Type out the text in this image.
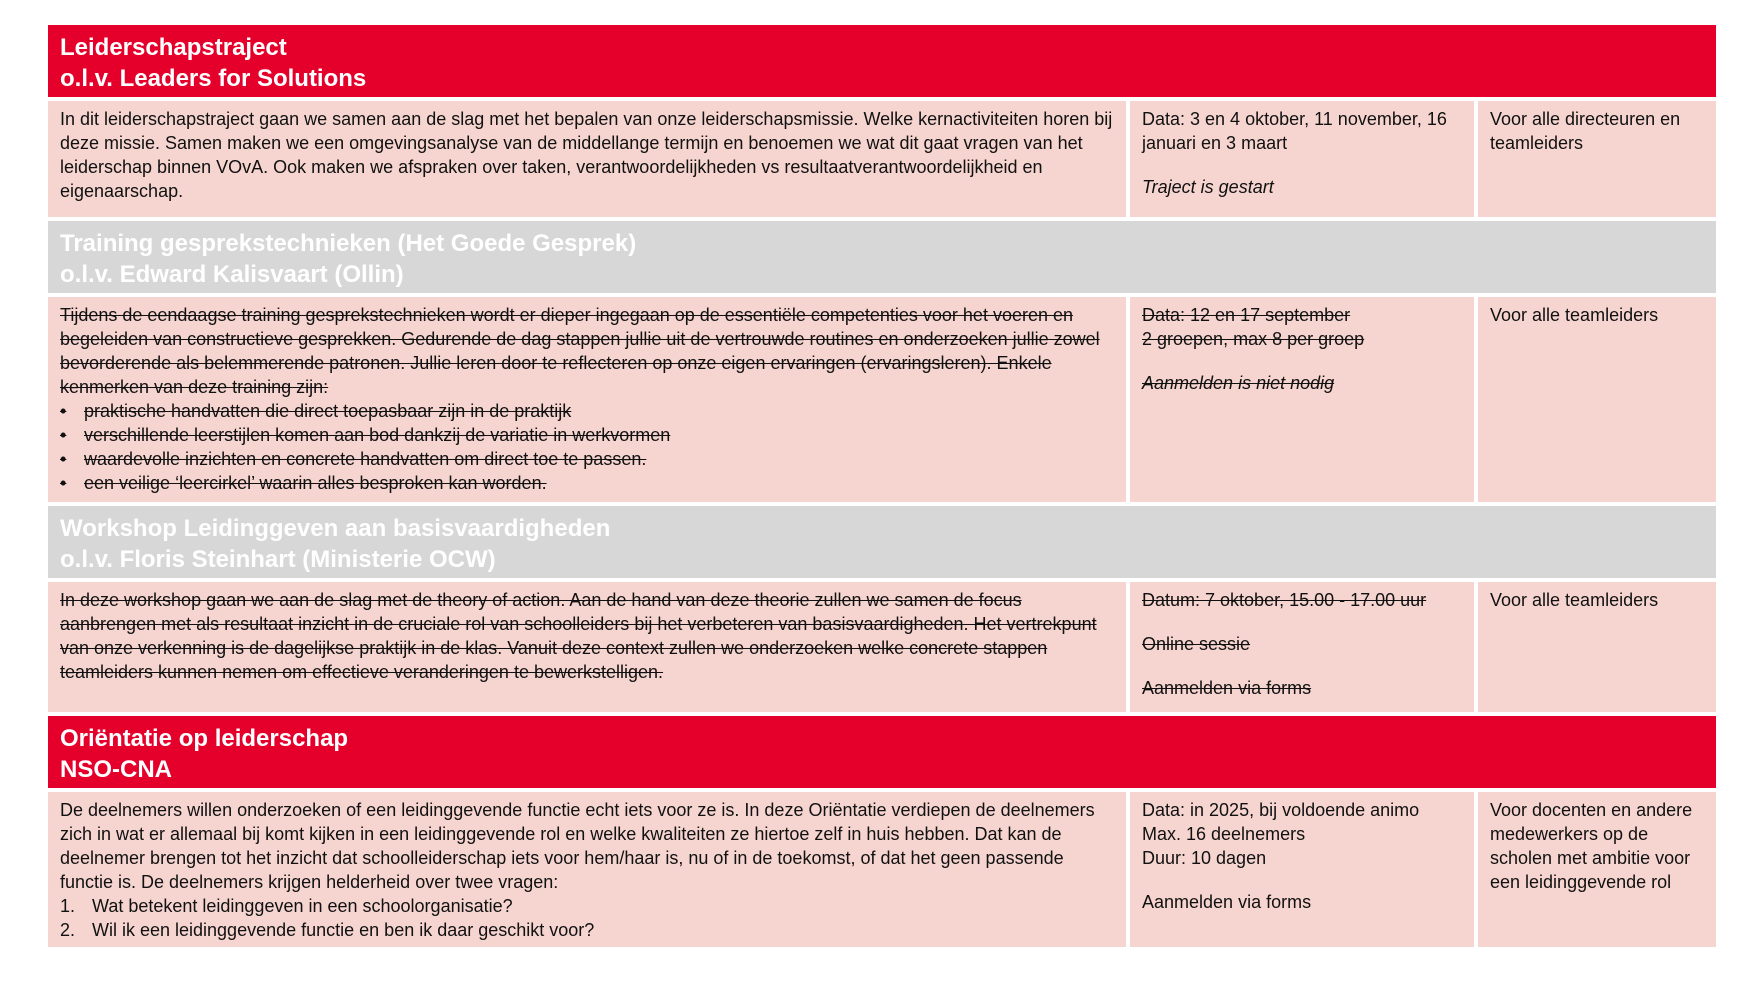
Leiderschapstraject
o.l.v. Leaders for Solutions

In dit leiderschapstraject gaan we samen aan de slag met het bepalen van onze leiderschapsmissie. Welke kernactiviteiten horen bij deze missie. Samen maken we een omgevingsanalyse van de middellange termijn en benoemen we wat dit gaat vragen van het leiderschap binnen VOvA. Ook maken we afspraken over taken, verantwoordelijkheden vs resultaatverantwoordelijkheid en eigenaarschap.

Data: 3 en 4 oktober, 11 november, 16 januari en 3 maart

Traject is gestart

Voor alle directeuren en teamleiders

Training gesprekstechnieken (Het Goede Gesprek)
o.l.v. Edward Kalisvaart (Ollin)

Tijdens de eendaagse training gesprekstechnieken wordt er dieper ingegaan op de essentiële competenties voor het voeren en begeleiden van constructieve gesprekken. Gedurende de dag stappen jullie uit de vertrouwde routines en onderzoeken jullie zowel bevorderende als belemmerende patronen. Jullie leren door te reflecteren op onze eigen ervaringen (ervaringsleren). Enkele kenmerken van deze training zijn:

• praktische handvatten die direct toepasbaar zijn in de praktijk
• verschillende leerstijlen komen aan bod dankzij de variatie in werkvormen
• waardevolle inzichten en concrete handvatten om direct toe te passen.
• een veilige ‘leercirkel’ waarin alles besproken kan worden.

Data: 12 en 17 september

2 groepen, max 8 per groep

Aanmelden is niet nodig

Voor alle teamleiders

Workshop Leidinggeven aan basisvaardigheden
o.l.v. Floris Steinhart (Ministerie OCW)

In deze workshop gaan we aan de slag met de theory of action. Aan de hand van deze theorie zullen we samen de focus aanbrengen met als resultaat inzicht in de cruciale rol van schoolleiders bij het verbeteren van basisvaardigheden. Het vertrekpunt van onze verkenning is de dagelijkse praktijk in de klas. Vanuit deze context zullen we onderzoeken welke concrete stappen teamleiders kunnen nemen om effectieve veranderingen te bewerkstelligen.

Datum: 7 oktober, 15.00 - 17.00 uur

Online sessie

Aanmelden via forms

Voor alle teamleiders

Oriëntatie op leiderschap
NSO-CNA

De deelnemers willen onderzoeken of een leidinggevende functie echt iets voor ze is. In deze Oriëntatie verdiepen de deelnemers zich in wat er allemaal bij komt kijken in een leidinggevende rol en welke kwaliteiten ze hiertoe zelf in huis hebben. Dat kan de deelnemer brengen tot het inzicht dat schoolleiderschap iets voor hem/haar is, nu of in de toekomst, of dat het geen passende functie is. De deelnemers krijgen helderheid over twee vragen:

1. Wat betekent leidinggeven in een schoolorganisatie?
2. Wil ik een leidinggevende functie en ben ik daar geschikt voor?

Data: in 2025, bij voldoende animo

Max. 16 deelnemers

Duur: 10 dagen

Aanmelden via forms

Voor docenten en andere medewerkers op de scholen met ambitie voor een leidinggevende rol
